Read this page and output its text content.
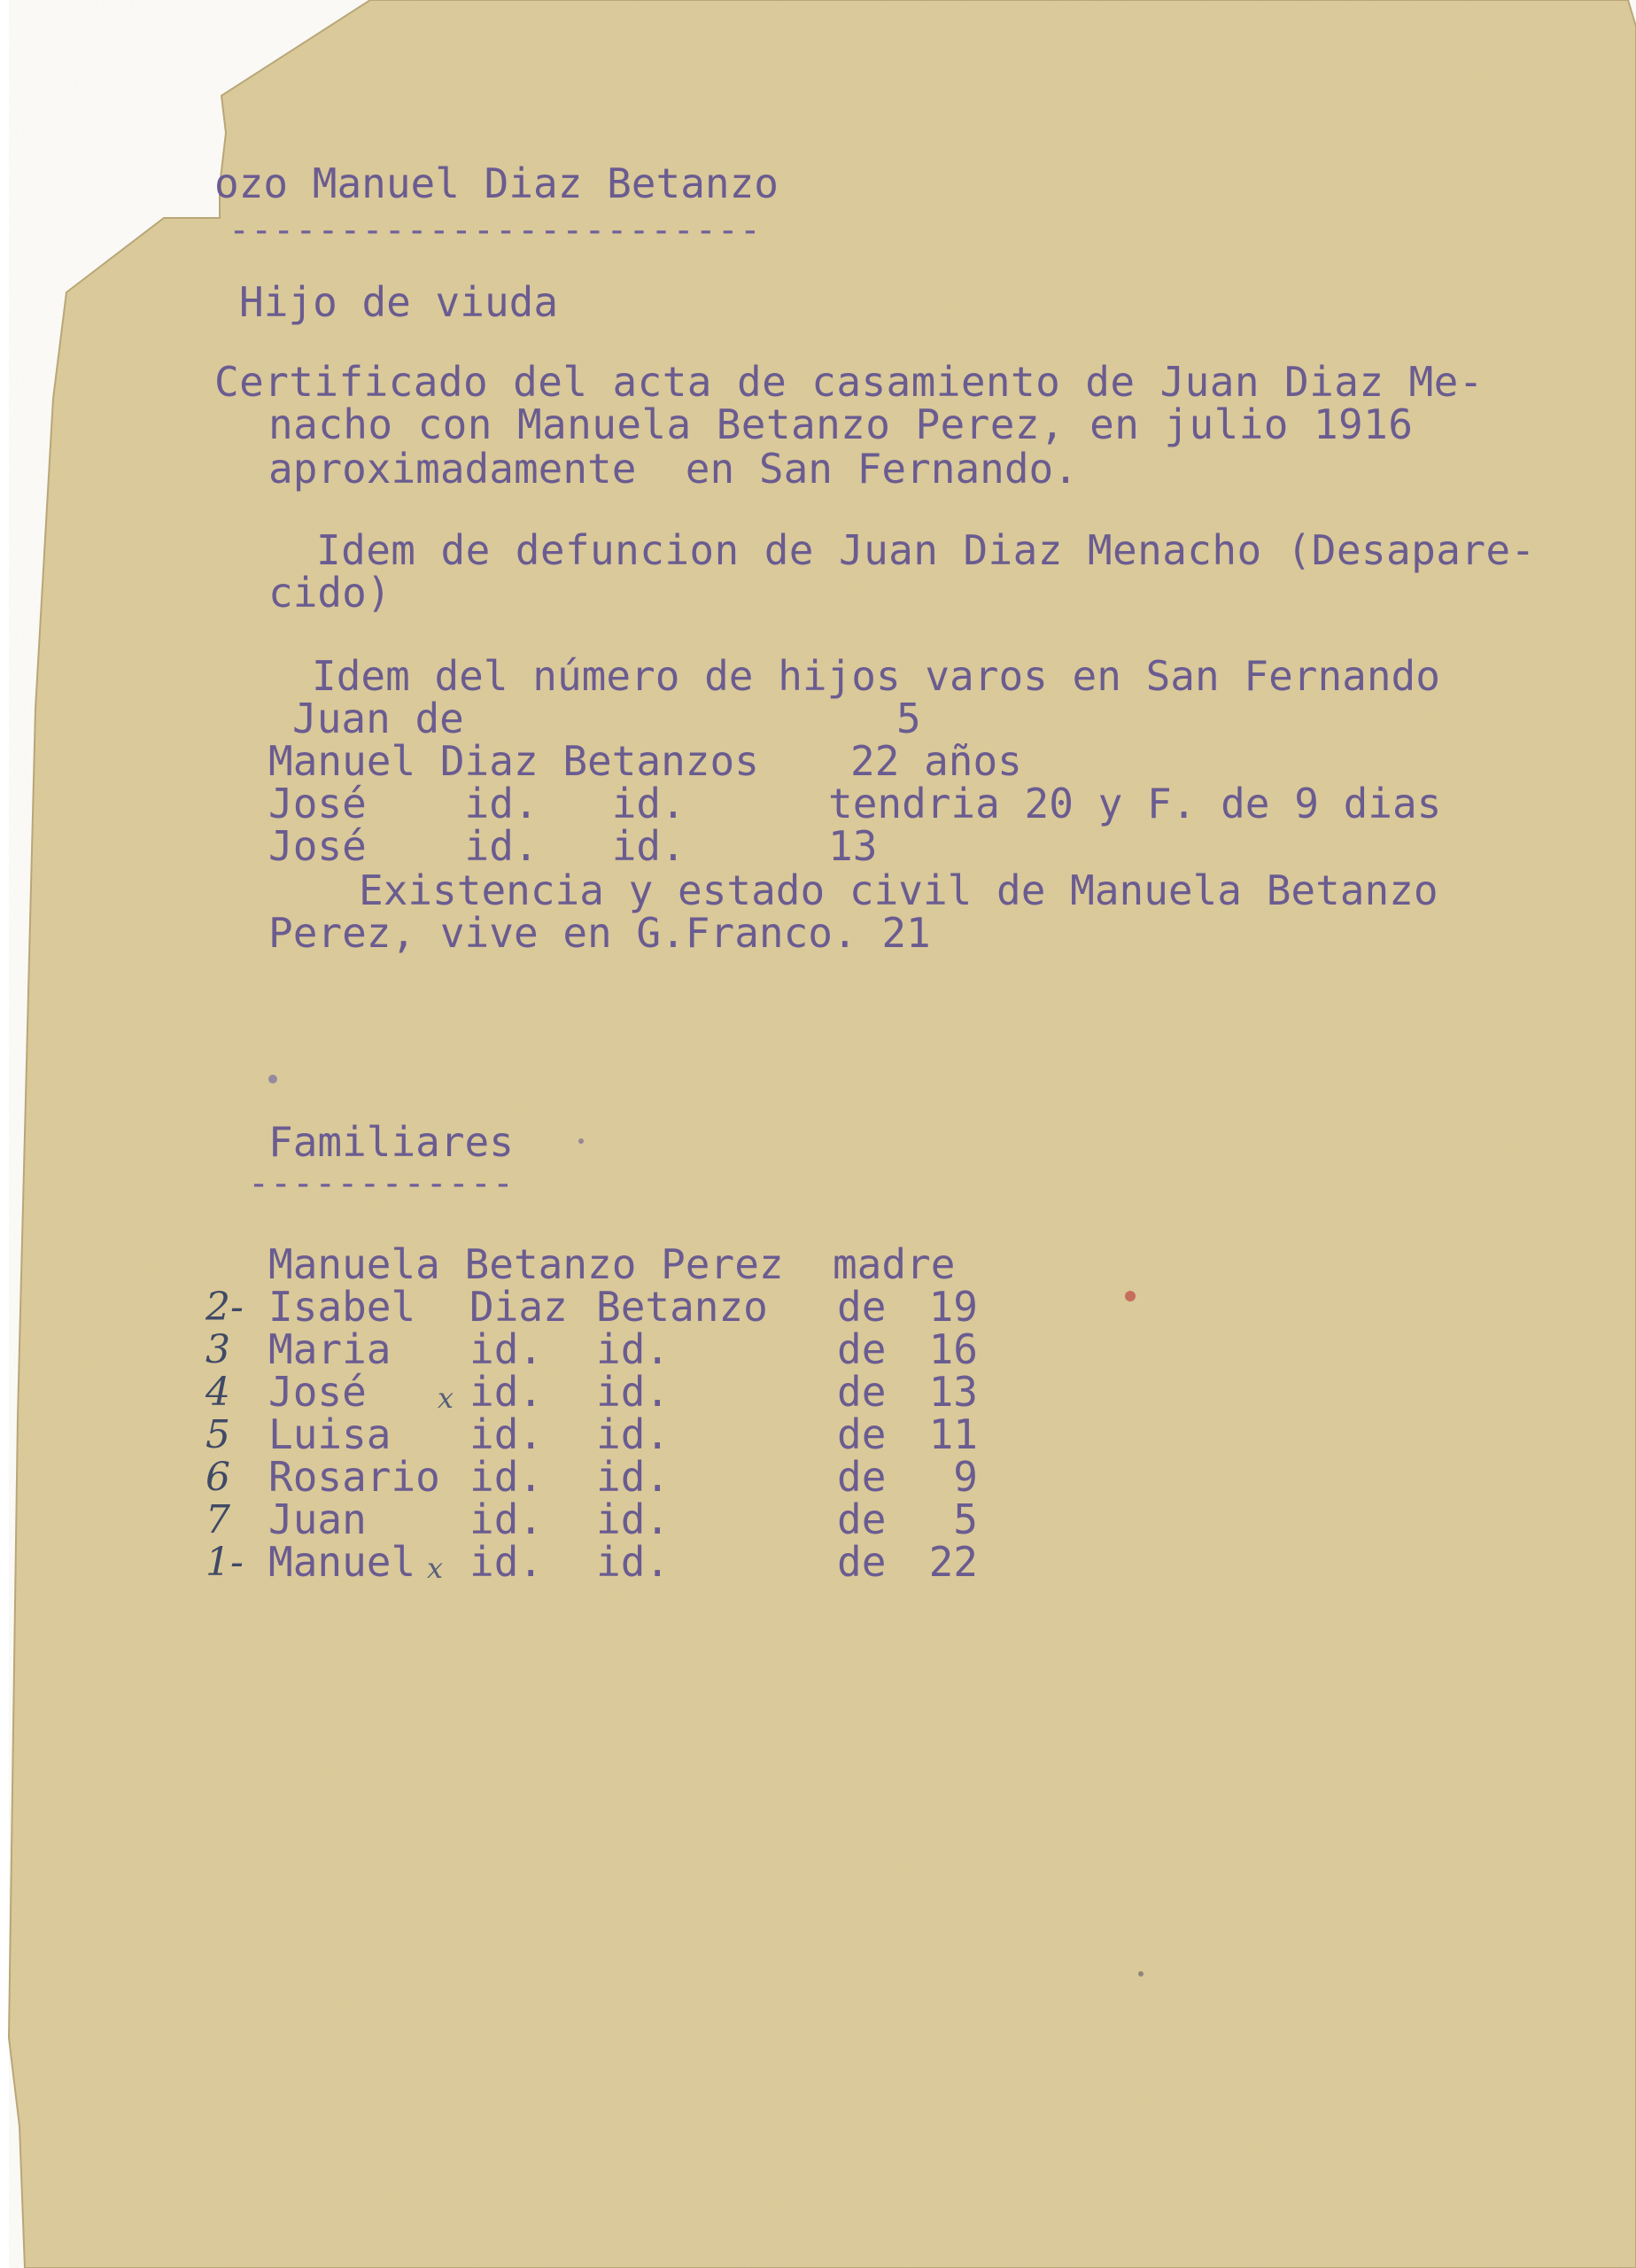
ozo Manuel Diaz Betanzo
------------------------
Hijo de viuda
Certificado del acta de casamiento de Juan Diaz Me-
nacho con Manuela Betanzo Perez, en julio 1916
aproximadamente  en San Fernando.
Idem de defuncion de Juan Diaz Menacho (Desapare-
cido)
Idem del número de hijos varos en San Fernando
Juan de	5
Manuel Diaz Betanzos 22 años
José    id.   id.	tendria 20 y F. de 9 dias
José    id.   id.	13
Existencia y estado civil de Manuela Betanzo
Perez, vive en G.Franco. 21
Familiares
------------
Manuela Betanzo Perez  madre
2- Isabel Diaz Betanzo de 19
3 Maria id. id.	de 16
4 José	id. id.	de 13
x
5 Luisa id. id.	de 11
6 Rosario id. id.	de 9
7 Juan	id. id.	de 5
1- Manuel id. id.	de 22
x
